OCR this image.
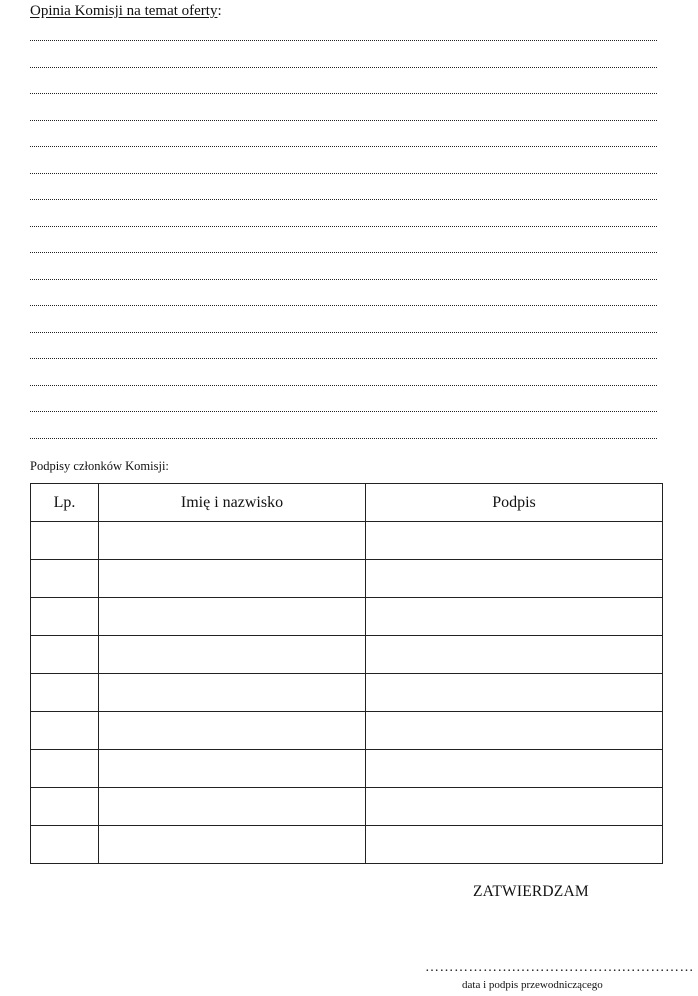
Opinia Komisji na temat oferty:
Podpisy członków Komisji:
Lp.	Imię i nazwisko	Podpis

ZATWIERDZAM
……………….………………….……………
data i podpis przewodniczącego
